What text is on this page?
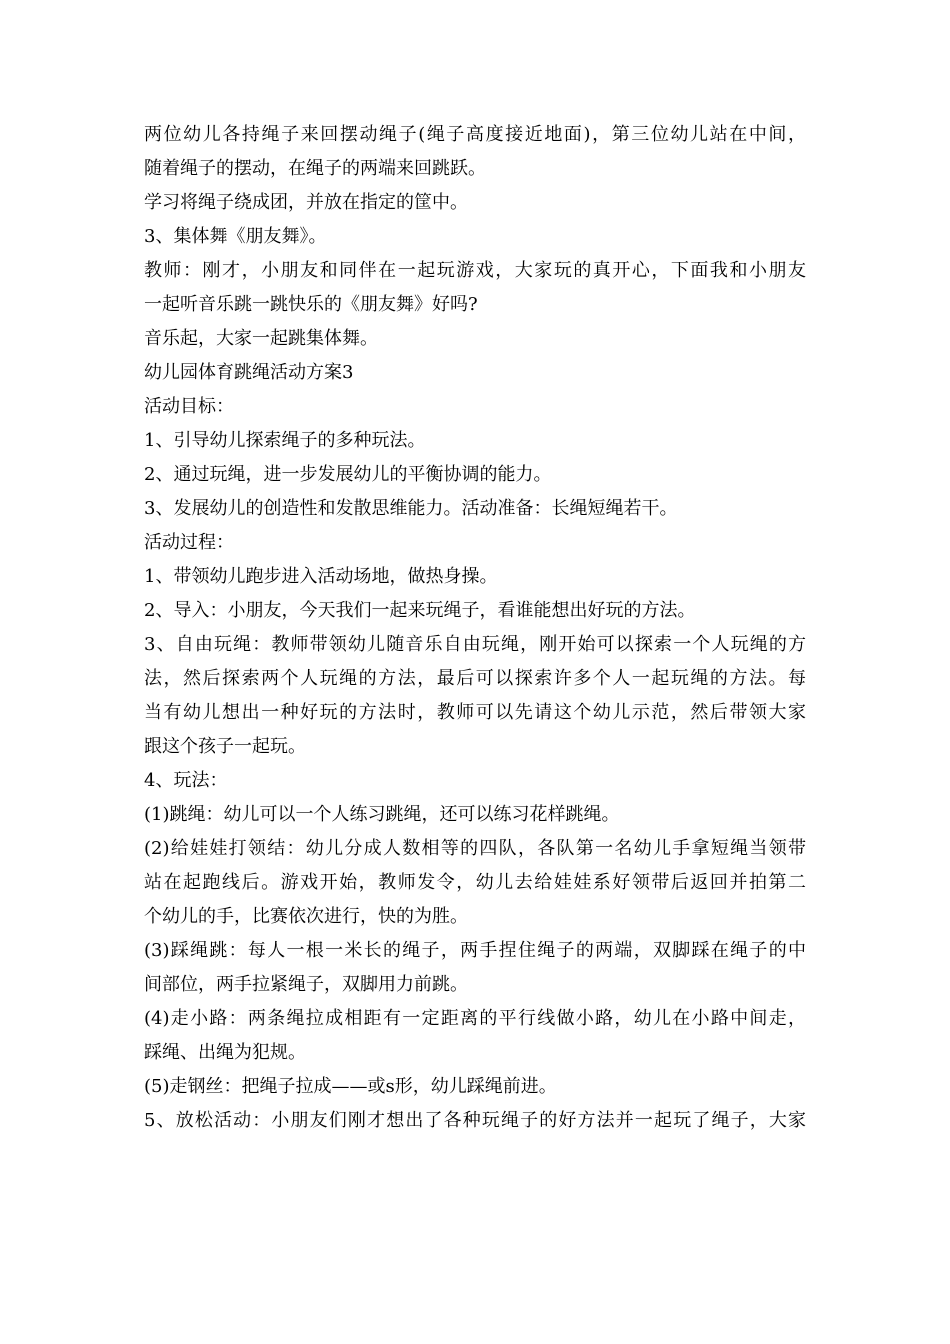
两位幼儿各持绳子来回摆动绳子(绳子高度接近地面)，第三位幼儿站在中间，
随着绳子的摆动，在绳子的两端来回跳跃。
学习将绳子绕成团，并放在指定的筐中。
3、集体舞《朋友舞》。
教师：刚才，小朋友和同伴在一起玩游戏，大家玩的真开心，下面我和小朋友
一起听音乐跳一跳快乐的《朋友舞》好吗?
音乐起，大家一起跳集体舞。
幼儿园体育跳绳活动方案3
活动目标：
1、引导幼儿探索绳子的多种玩法。
2、通过玩绳，进一步发展幼儿的平衡协调的能力。
3、发展幼儿的创造性和发散思维能力。活动准备：长绳短绳若干。
活动过程：
1、带领幼儿跑步进入活动场地，做热身操。
2、导入：小朋友，今天我们一起来玩绳子，看谁能想出好玩的方法。
3、自由玩绳：教师带领幼儿随音乐自由玩绳，刚开始可以探索一个人玩绳的方
法，然后探索两个人玩绳的方法，最后可以探索许多个人一起玩绳的方法。每
当有幼儿想出一种好玩的方法时，教师可以先请这个幼儿示范，然后带领大家
跟这个孩子一起玩。
4、玩法：
(1)跳绳：幼儿可以一个人练习跳绳，还可以练习花样跳绳。
(2)给娃娃打领结：幼儿分成人数相等的四队，各队第一名幼儿手拿短绳当领带
站在起跑线后。游戏开始，教师发令，幼儿去给娃娃系好领带后返回并拍第二
个幼儿的手，比赛依次进行，快的为胜。
(3)踩绳跳：每人一根一米长的绳子，两手捏住绳子的两端，双脚踩在绳子的中
间部位，两手拉紧绳子，双脚用力前跳。
(4)走小路：两条绳拉成相距有一定距离的平行线做小路，幼儿在小路中间走，
踩绳、出绳为犯规。
(5)走钢丝：把绳子拉成——或s形，幼儿踩绳前进。
5、放松活动：小朋友们刚才想出了各种玩绳子的好方法并一起玩了绳子，大家
